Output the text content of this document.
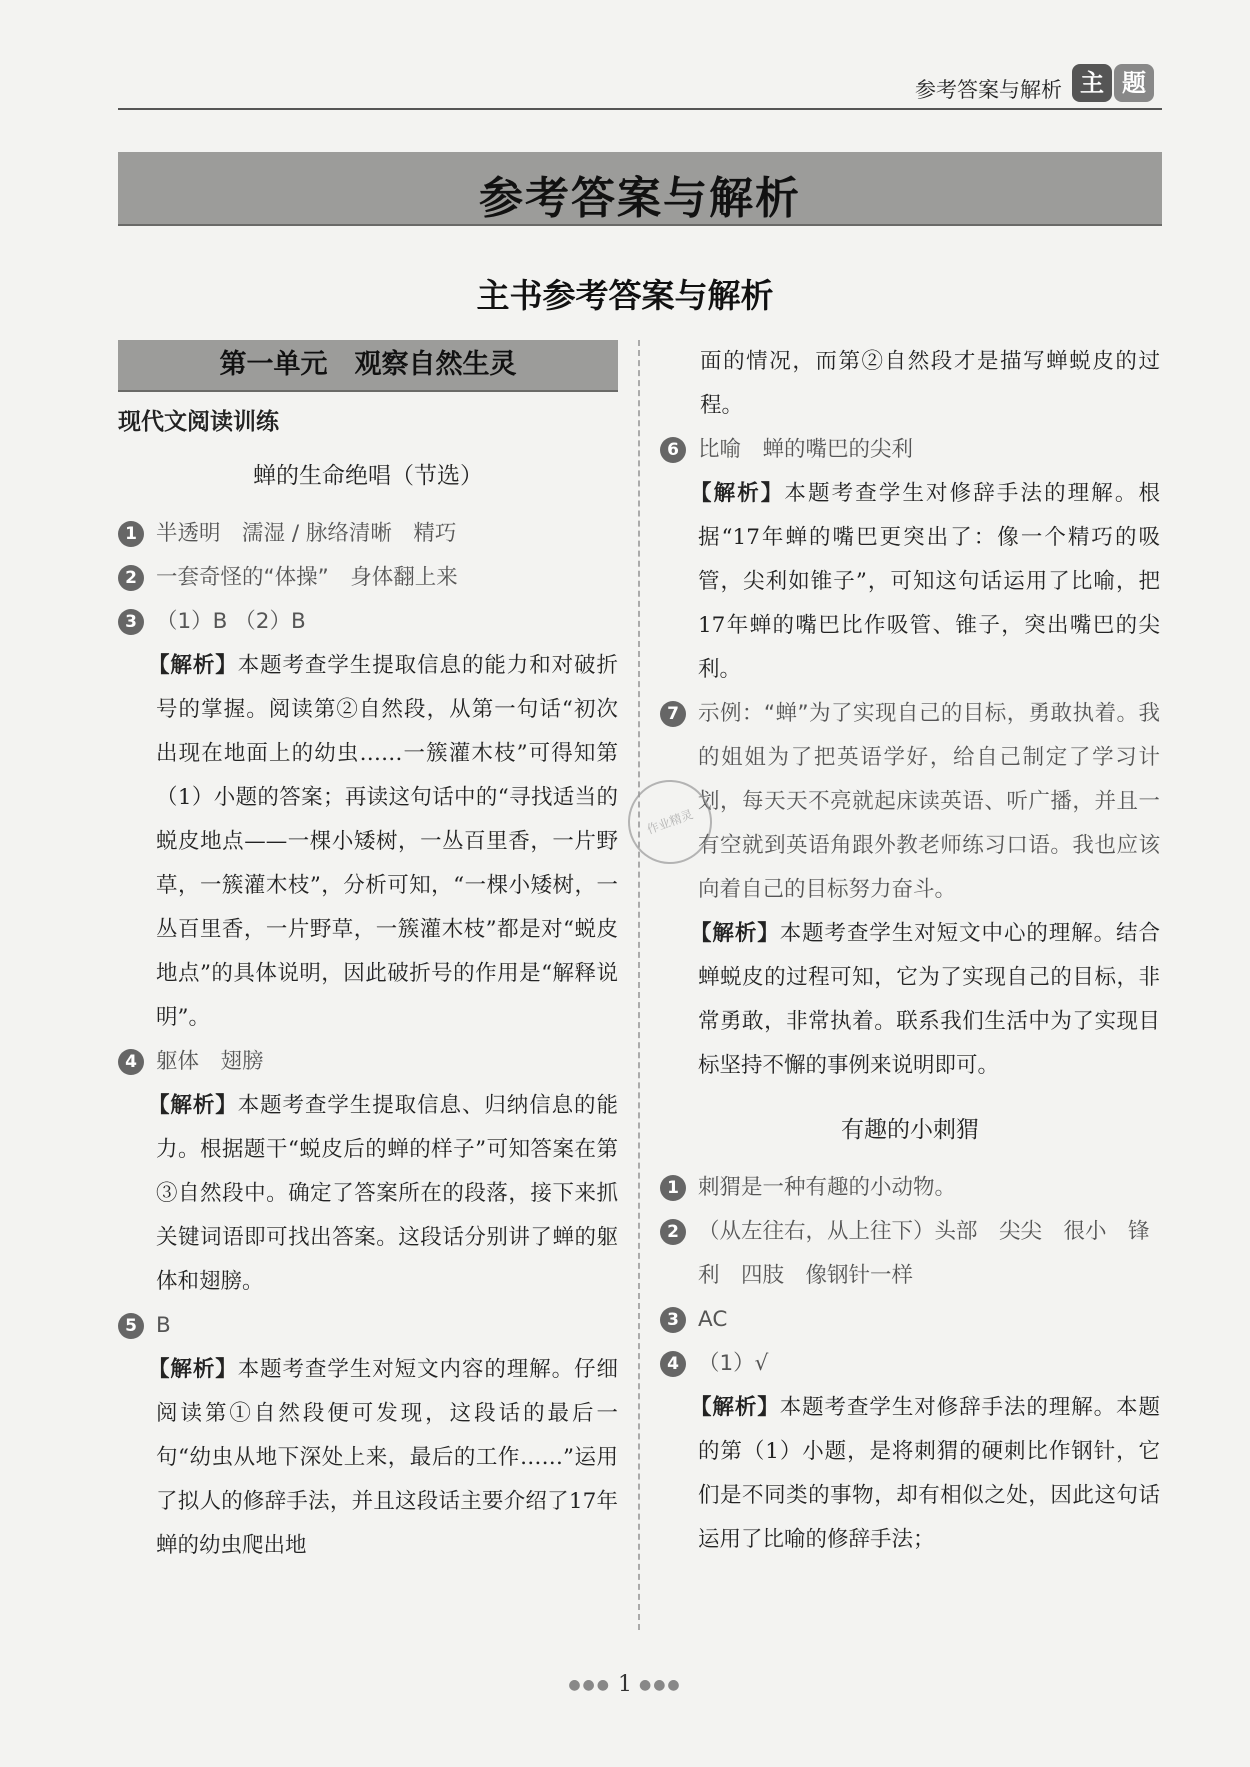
参考答案与解析 主 题
参考答案与解析
主书参考答案与解析
第一单元　观察自然生灵
现代文阅读训练
蝉的生命绝唱（节选）
1 半透明　濡湿 / 脉络清晰　精巧
2 一套奇怪的“体操”　身体翻上来
3 （1）B （2）B
【解析】本题考查学生提取信息的能力和对破折号的掌握。阅读第②自然段，从第一句话“初次出现在地面上的幼虫……一簇灌木枝”可得知第（1）小题的答案；再读这句话中的“寻找适当的蜕皮地点——一棵小矮树，一丛百里香，一片野草，一簇灌木枝”，分析可知，“一棵小矮树，一丛百里香，一片野草，一簇灌木枝”都是对“蜕皮地点”的具体说明，因此破折号的作用是“解释说明”。
4 躯体　翅膀
【解析】本题考查学生提取信息、归纳信息的能力。根据题干“蜕皮后的蝉的样子”可知答案在第③自然段中。确定了答案所在的段落，接下来抓关键词语即可找出答案。这段话分别讲了蝉的躯体和翅膀。
5 B
【解析】本题考查学生对短文内容的理解。仔细阅读第①自然段便可发现，这段话的最后一句“幼虫从地下深处上来，最后的工作……”运用了拟人的修辞手法，并且这段话主要介绍了17年蝉的幼虫爬出地
面的情况，而第②自然段才是描写蝉蜕皮的过程。
6 比喻　蝉的嘴巴的尖利
【解析】本题考查学生对修辞手法的理解。根据“17年蝉的嘴巴更突出了：像一个精巧的吸管，尖利如锥子”，可知这句话运用了比喻，把17年蝉的嘴巴比作吸管、锥子，突出嘴巴的尖利。
7 示例：“蝉”为了实现自己的目标，勇敢执着。我的姐姐为了把英语学好，给自己制定了学习计划，每天天不亮就起床读英语、听广播，并且一有空就到英语角跟外教老师练习口语。我也应该向着自己的目标努力奋斗。
【解析】本题考查学生对短文中心的理解。结合蝉蜕皮的过程可知，它为了实现自己的目标，非常勇敢，非常执着。联系我们生活中为了实现目标坚持不懈的事例来说明即可。
有趣的小刺猬
1 刺猬是一种有趣的小动物。
2 （从左往右，从上往下）头部　尖尖　很小　锋利　四肢　像钢针一样
3 AC
4 （1）√
【解析】本题考查学生对修辞手法的理解。本题的第（1）小题，是将刺猬的硬刺比作钢针，它们是不同类的事物，却有相似之处，因此这句话运用了比喻的修辞手法；
作业精灵
●●● 1 ●●●
